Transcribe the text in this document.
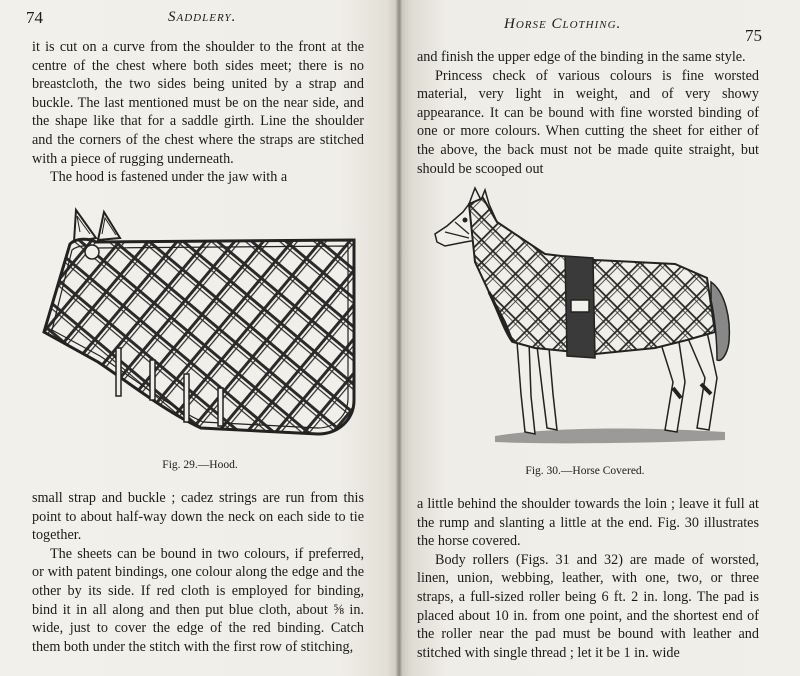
74	Saddlery.

it is cut on a curve from the shoulder to the front at the centre of the chest where both sides meet; there is no breastcloth, the two sides being united by a strap and buckle. The last mentioned must be on the near side, and the shape like that for a saddle girth. Line the shoulder and the corners of the chest where the straps are stitched with a piece of rugging underneath.

The hood is fastened under the jaw with a

Fig. 29.—Hood.

small strap and buckle ; cadez strings are run from this point to about half-way down the neck on each side to tie together.

The sheets can be bound in two colours, if preferred, or with patent bindings, one colour along the edge and the other by its side. If red cloth is employed for binding, bind it in all along and then put blue cloth, about ⅝ in. wide, just to cover the edge of the red binding. Catch them both under the stitch with the first row of stitching,

Horse Clothing.
75

and finish the upper edge of the binding in the same style.

Princess check of various colours is fine worsted material, very light in weight, and of very showy appearance. It can be bound with fine worsted binding of one or more colours. When cutting the sheet for either of the above, the back must not be made quite straight, but should be scooped out

Fig. 30.—Horse Covered.

a little behind the shoulder towards the loin ; leave it full at the rump and slanting a little at the end. Fig. 30 illustrates the horse covered.

Body rollers (Figs. 31 and 32) are made of worsted, linen, union, webbing, leather, with one, two, or three straps, a full-sized roller being 6 ft. 2 in. long. The pad is placed about 10 in. from one point, and the shortest end of the roller near the pad must be bound with leather and stitched with single thread ; let it be 1 in. wide
